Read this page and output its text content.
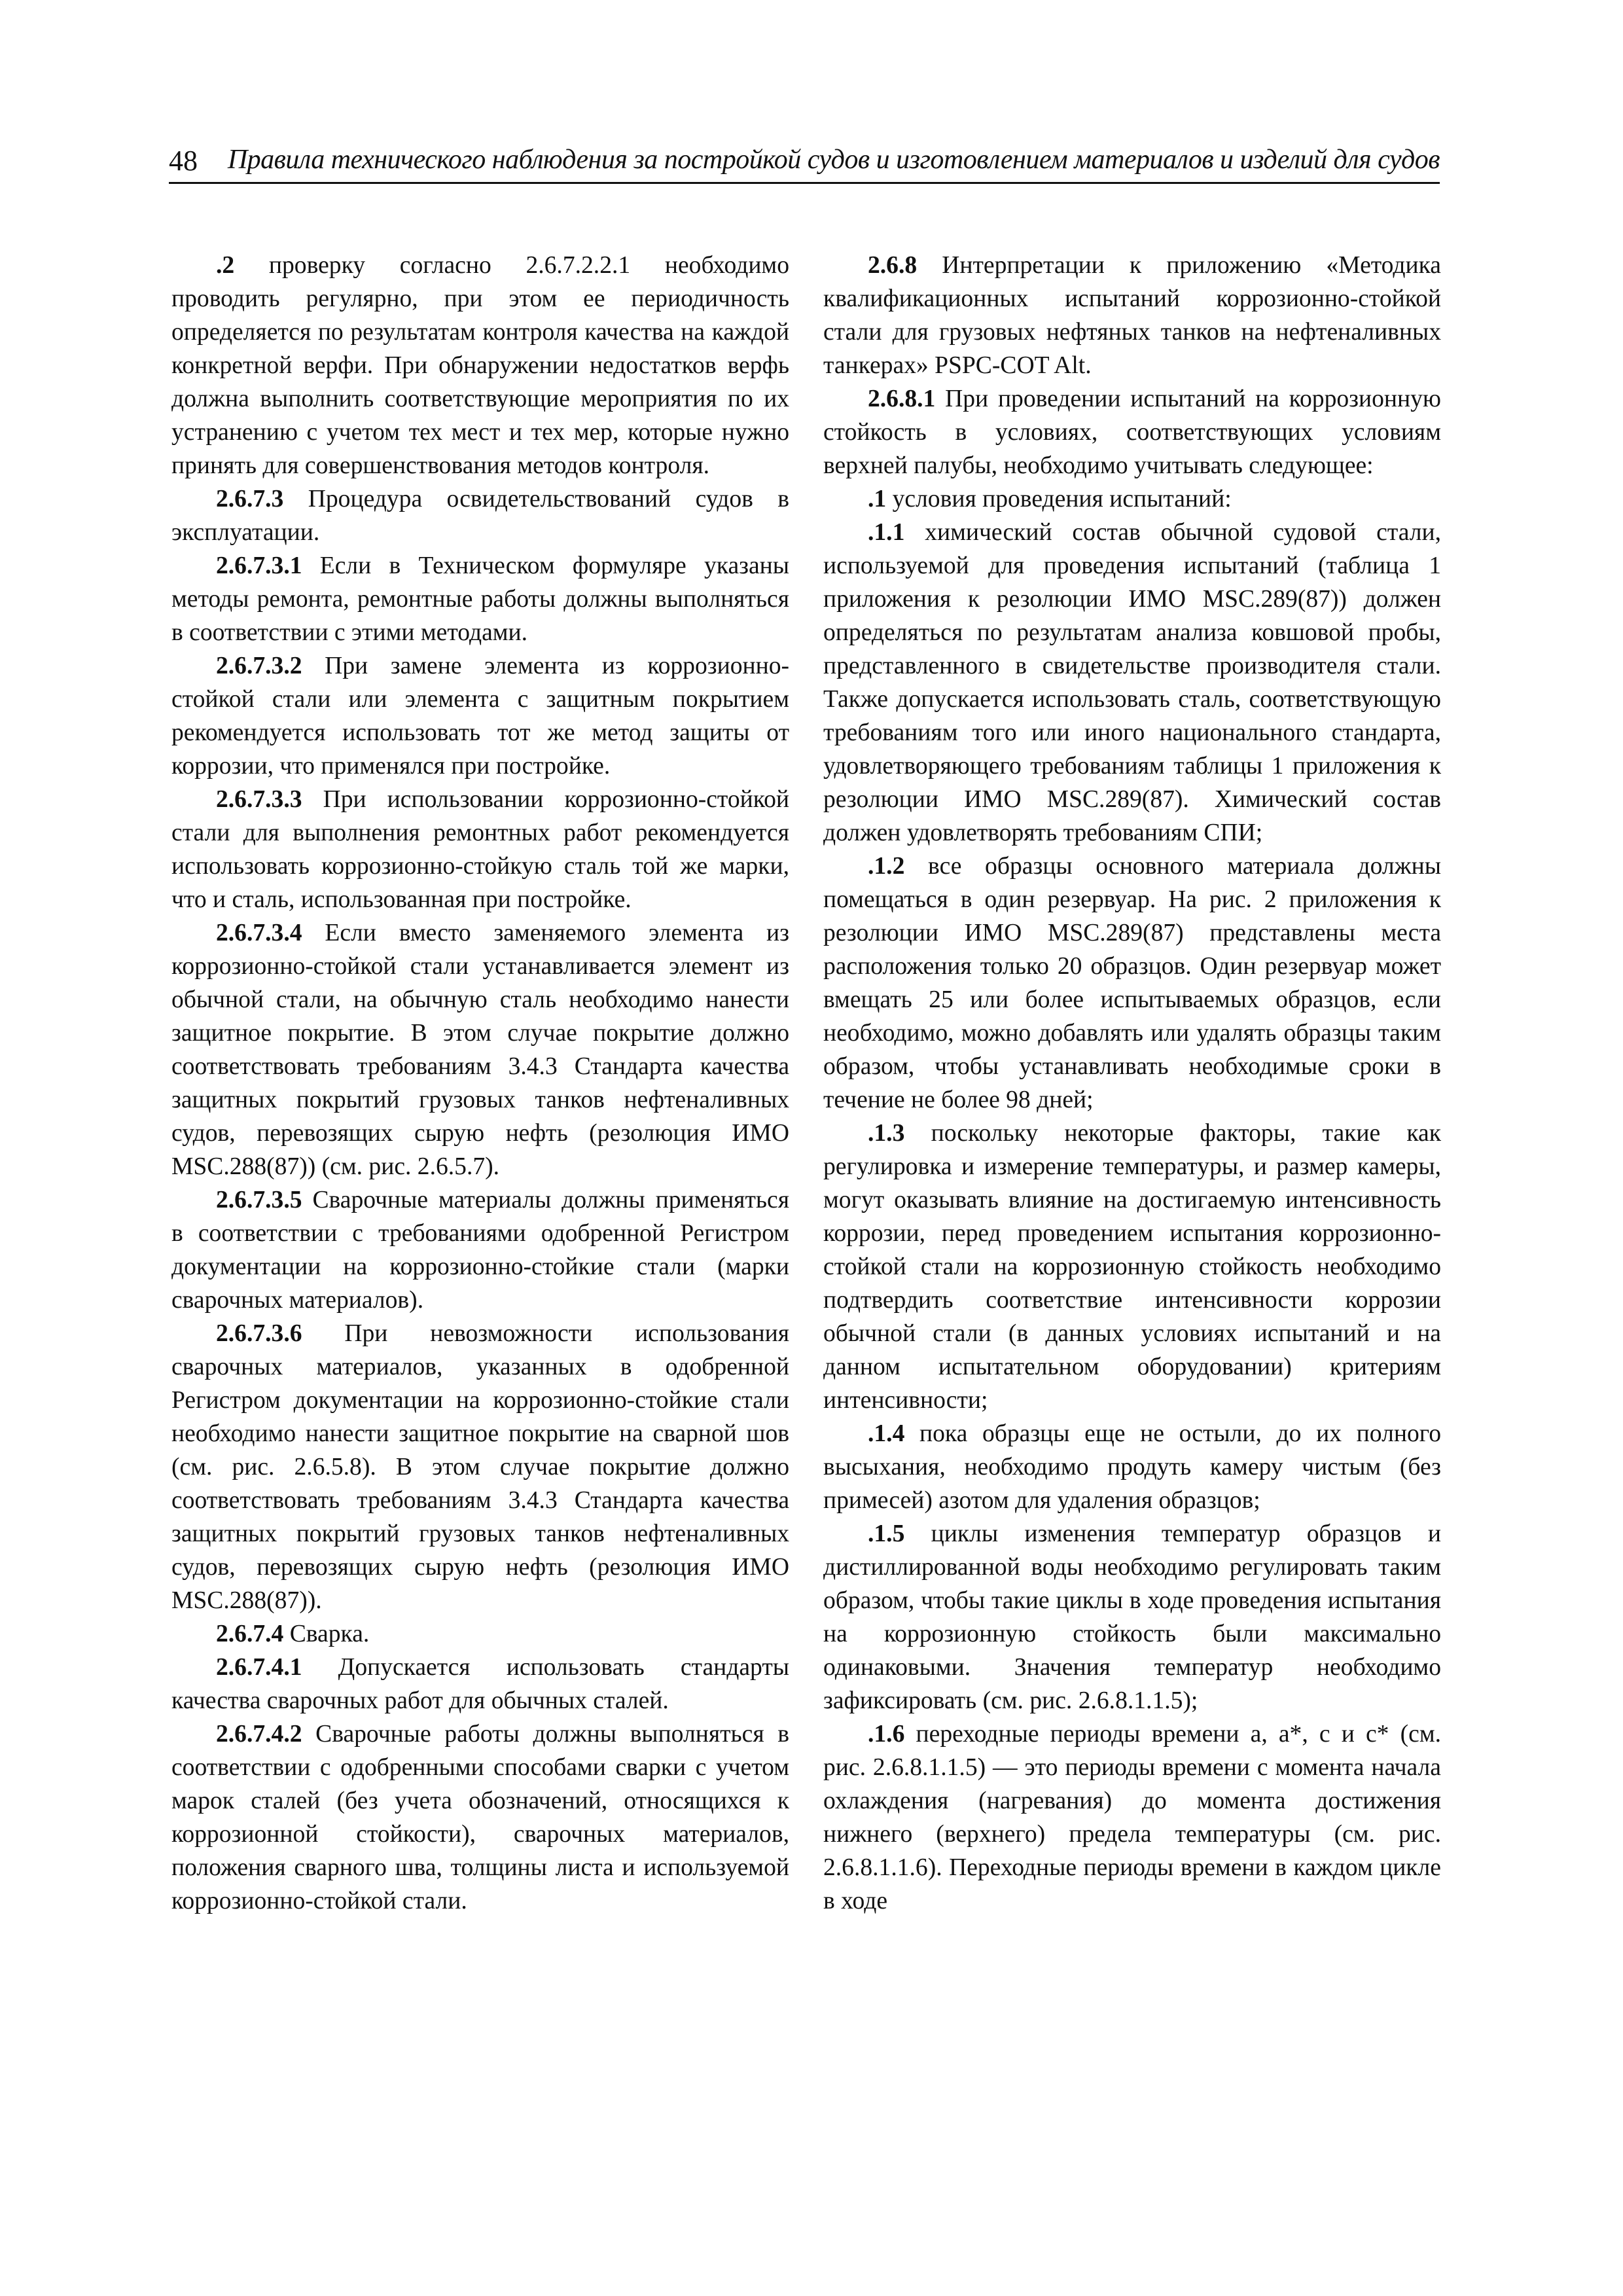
48 Правила технического наблюдения за постройкой судов и изготовлением материалов и изделий для судов

.2 проверку согласно 2.6.7.2.2.1 необходимо проводить регулярно, при этом ее периодичность определяется по результатам контроля качества на каждой конкретной верфи. При обнаружении недостатков верфь должна выполнить соответствующие мероприятия по их устранению с учетом тех мест и тех мер, которые нужно принять для совершенствования методов контроля.

2.6.7.3 Процедура освидетельствований судов в эксплуатации.

2.6.7.3.1 Если в Техническом формуляре указаны методы ремонта, ремонтные работы должны выполняться в соответствии с этими методами.

2.6.7.3.2 При замене элемента из коррозионно-стойкой стали или элемента с защитным покрытием рекомендуется использовать тот же метод защиты от коррозии, что применялся при постройке.

2.6.7.3.3 При использовании коррозионно-стойкой стали для выполнения ремонтных работ рекомендуется использовать коррозионно-стойкую сталь той же марки, что и сталь, использованная при постройке.

2.6.7.3.4 Если вместо заменяемого элемента из коррозионно-стойкой стали устанавливается элемент из обычной стали, на обычную сталь необходимо нанести защитное покрытие. В этом случае покрытие должно соответствовать требованиям 3.4.3 Стандарта качества защитных покрытий грузовых танков нефтеналивных судов, перевозящих сырую нефть (резолюция ИМО MSC.288(87)) (см. рис. 2.6.5.7).

2.6.7.3.5 Сварочные материалы должны применяться в соответствии с требованиями одобренной Регистром документации на коррозионно-стойкие стали (марки сварочных материалов).

2.6.7.3.6 При невозможности использования сварочных материалов, указанных в одобренной Регистром документации на коррозионно-стойкие стали необходимо нанести защитное покрытие на сварной шов (см. рис. 2.6.5.8). В этом случае покрытие должно соответствовать требованиям 3.4.3 Стандарта качества защитных покрытий грузовых танков нефтеналивных судов, перевозящих сырую нефть (резолюция ИМО MSC.288(87)).

2.6.7.4 Сварка.

2.6.7.4.1 Допускается использовать стандарты качества сварочных работ для обычных сталей.

2.6.7.4.2 Сварочные работы должны выполняться в соответствии с одобренными способами сварки с учетом марок сталей (без учета обозначений, относящихся к коррозионной стойкости), сварочных материалов, положения сварного шва, толщины листа и используемой коррозионно-стойкой стали.

2.6.8 Интерпретации к приложению «Методика квалификационных испытаний коррозионно-стойкой стали для грузовых нефтяных танков на нефтеналивных танкерах» PSPC-COT Alt.

2.6.8.1 При проведении испытаний на коррозионную стойкость в условиях, соответствующих условиям верхней палубы, необходимо учитывать следующее:

.1 условия проведения испытаний:

.1.1 химический состав обычной судовой стали, используемой для проведения испытаний (таблица 1 приложения к резолюции ИМО MSC.289(87)) должен определяться по результатам анализа ковшовой пробы, представленного в свидетельстве производителя стали. Также допускается использовать сталь, соответствующую требованиям того или иного национального стандарта, удовлетворяющего требованиям таблицы 1 приложения к резолюции ИМО MSC.289(87). Химический состав должен удовлетворять требованиям СПИ;

.1.2 все образцы основного материала должны помещаться в один резервуар. На рис. 2 приложения к резолюции ИМО MSC.289(87) представлены места расположения только 20 образцов. Один резервуар может вмещать 25 или более испытываемых образцов, если необходимо, можно добавлять или удалять образцы таким образом, чтобы устанавливать необходимые сроки в течение не более 98 дней;

.1.3 поскольку некоторые факторы, такие как регулировка и измерение температуры, и размер камеры, могут оказывать влияние на достигаемую интенсивность коррозии, перед проведением испытания коррозионно-стойкой стали на коррозионную стойкость необходимо подтвердить соответствие интенсивности коррозии обычной стали (в данных условиях испытаний и на данном испытательном оборудовании) критериям интенсивности;

.1.4 пока образцы еще не остыли, до их полного высыхания, необходимо продуть камеру чистым (без примесей) азотом для удаления образцов;

.1.5 циклы изменения температур образцов и дистиллированной воды необходимо регулировать таким образом, чтобы такие циклы в ходе проведения испытания на коррозионную стойкость были максимально одинаковыми. Значения температур необходимо зафиксировать (см. рис. 2.6.8.1.1.5);

.1.6 переходные периоды времени a, a*, c и c* (см. рис. 2.6.8.1.1.5) — это периоды времени с момента начала охлаждения (нагревания) до момента достижения нижнего (верхнего) предела температуры (см. рис. 2.6.8.1.1.6). Переходные периоды времени в каждом цикле в ходе
